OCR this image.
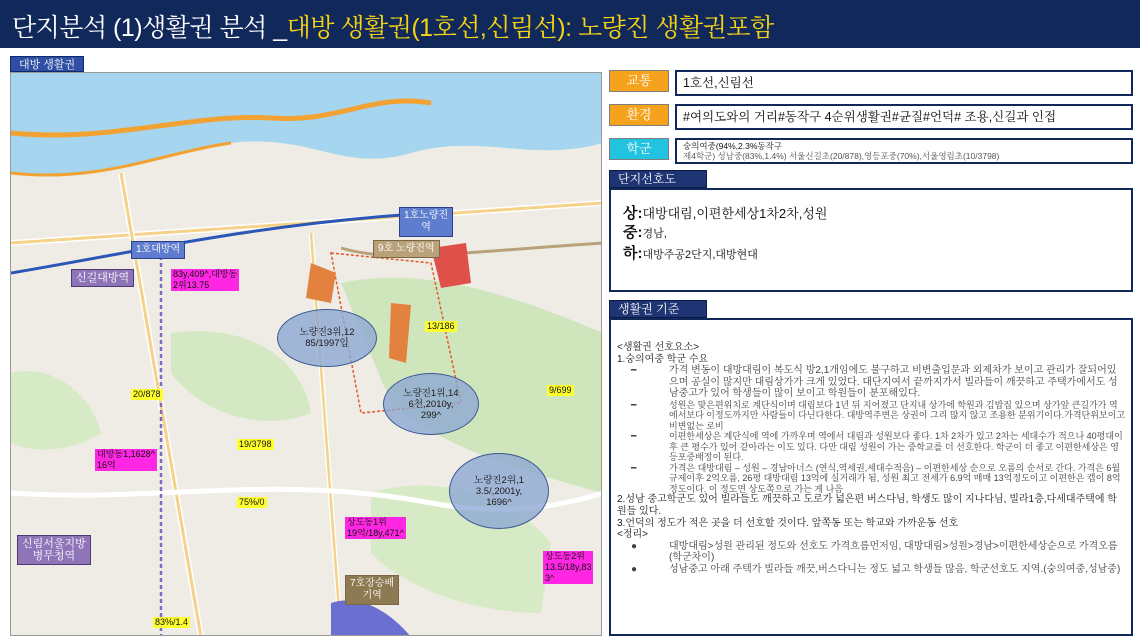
단지분석 (1)생활권 분석 _대방 생활권(1호선,신림선): 노량진 생활권포함
대방 생활권
1호대방역
1호노량진
역
9호 노량진역
신길대방역
신림서울지방
병무청역
7호장승배
기역
노량진3위,12
85/1997입
노량진1위,14
6천,2010y,
299^
노량진2위,1
3.5/,2001y,
1696^
13/186
20/878
19/3798
9/699
75%/0
83%/1.4
83y,409^,대방동
2위13.75
상도동1위
19억/18y,471^
대방동1,1628^
16억
상도동2위
13.5/18y,83
3^
교통	1호선,신림선
환경	#여의도와의 거리#동작구 4순위생활권#균질#언덕# 조용,신길과 인접
학군	숭의여중(94%,2.3%동작구
제4학군) 성남중(83%,1.4%) 서울신길초(20/878),영등포중(70%),서울영림초(10/3798)
단지선호도
상:대방대림,이편한세상1차2차,성원
중:경남,
하:대방주공2단지,대방현대
생활권 기준
<생활권 선호요소>
1.숭의여중 학군 수요
━ 가격 변동이 대방대림이 복도식 방2,1개임에도 불구하고 비변출입문과 외제차가 보이고 관리가 잘되어있으며 공실이 많지만 대림상가가 크게 있었다. 대단지여서 끝까지가서 빌라들이 깨끗하고 주택가에서도 성남중고가 있어 학생들이 많이 보이고 학원들이 분포해있다.
━ 성원은 맞은편위치로 계단식이며 대림보다 1년 뒤 지어졌고 단지내 상가에 학원과 김밥집 있으며 상가앞 큰길가가 역에서보다 이정도까지만 사람들이 다닌다한다. 대방역주변은 상권이 그리 많지 않고 조용한 분위기이다.가격단위보이고 비변없는 로비
━ 이편한세상은 계단식에 역에 가까우며 역에서 대림과 성원보다 좋다. 1차 2차가 있고 2차는 세대수가 적으나 40평대이후 큰 평수가 있어 같아라는 이도 있다. 다만 대림 성원이 가는 중학교를 더 선호한다. 학군이 더 좋고 이편한세상은 영등포중배정이 된다.
━ 가격은 대방대림 – 성원 – 경남아너스 (연식,역세권,세대수적음) – 이편한세상 순으로 오름의 순서로 간다. 가격은 6월규제이후 2억오름, 26평 대방대림 13억에 실거래가 됨, 성원 최고 전세가 6.9억 매매 13억정도이고 이편한은 캡이 8억정도이다. 이 정도면 상도쪽으로 가는 게 나음
2.성남 중고학군도 있어 빌라들도 깨끗하고 도로가 넓은편 버스다님, 학생도 많이 지나다님, 빌라1층,다세대주택에 학원들 있다.
3.언덕의 정도가 적은 곳을 더 선호할 것이다. 앞쪽동 또는 학교와 가까운동 선호
<정리>
● 대방대림>성원 관리된 정도와 선호도 가격흐름먼저임, 대방대림>성원>경남>이편한세상순으로 가격오름(학군차이)
● 성남중고 아래 주택가 빌라들 깨끗,버스다니는 정도 넓고 학생들 많음, 학군선호도 지역.(숭의여중,성남중)
